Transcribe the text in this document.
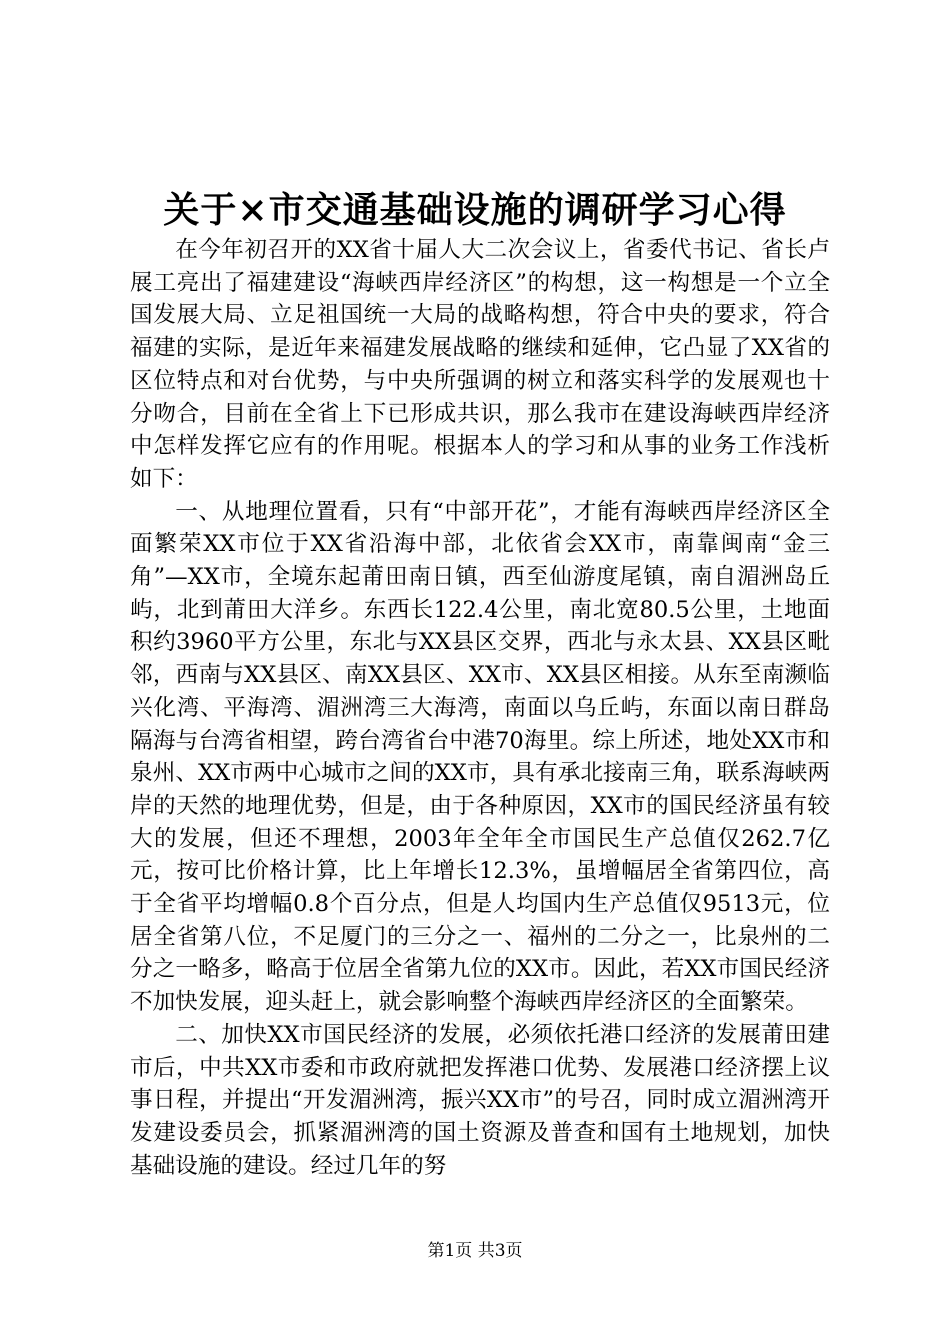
关于×市交通基础设施的调研学习心得

在今年初召开的XX省十届人大二次会议上，省委代书记、省长卢展工亮出了福建建设“海峡西岸经济区”的构想，这一构想是一个立全国发展大局、立足祖国统一大局的战略构想，符合中央的要求，符合福建的实际，是近年来福建发展战略的继续和延伸，它凸显了XX省的区位特点和对台优势，与中央所强调的树立和落实科学的发展观也十分吻合，目前在全省上下已形成共识，那么我市在建设海峡西岸经济中怎样发挥它应有的作用呢。根据本人的学习和从事的业务工作浅析如下：

一、从地理位置看，只有“中部开花”，才能有海峡西岸经济区全面繁荣XX市位于XX省沿海中部，北依省会XX市，南靠闽南“金三角”—XX市，全境东起莆田南日镇，西至仙游度尾镇，南自湄洲岛丘屿，北到莆田大洋乡。东西长122.4公里，南北宽80.5公里，土地面积约3960平方公里，东北与XX县区交界，西北与永太县、XX县区毗邻，西南与XX县区、南XX县区、XX市、XX县区相接。从东至南濒临兴化湾、平海湾、湄洲湾三大海湾，南面以乌丘屿，东面以南日群岛隔海与台湾省相望，跨台湾省台中港70海里。综上所述，地处XX市和泉州、XX市两中心城市之间的XX市，具有承北接南三角，联系海峡两岸的天然的地理优势，但是，由于各种原因，XX市的国民经济虽有较大的发展，但还不理想，2003年全年全市国民生产总值仅262.7亿元，按可比价格计算，比上年增长12.3%，虽增幅居全省第四位，高于全省平均增幅0.8个百分点，但是人均国内生产总值仅9513元，位居全省第八位，不足厦门的三分之一、福州的二分之一，比泉州的二分之一略多，略高于位居全省第九位的XX市。因此，若XX市国民经济不加快发展，迎头赶上，就会影响整个海峡西岸经济区的全面繁荣。

二、加快XX市国民经济的发展，必须依托港口经济的发展莆田建市后，中共XX市委和市政府就把发挥港口优势、发展港口经济摆上议事日程，并提出“开发湄洲湾，振兴XX市”的号召，同时成立湄洲湾开发建设委员会，抓紧湄洲湾的国土资源及普查和国有土地规划，加快基础设施的建设。经过几年的努

第1页 共3页
